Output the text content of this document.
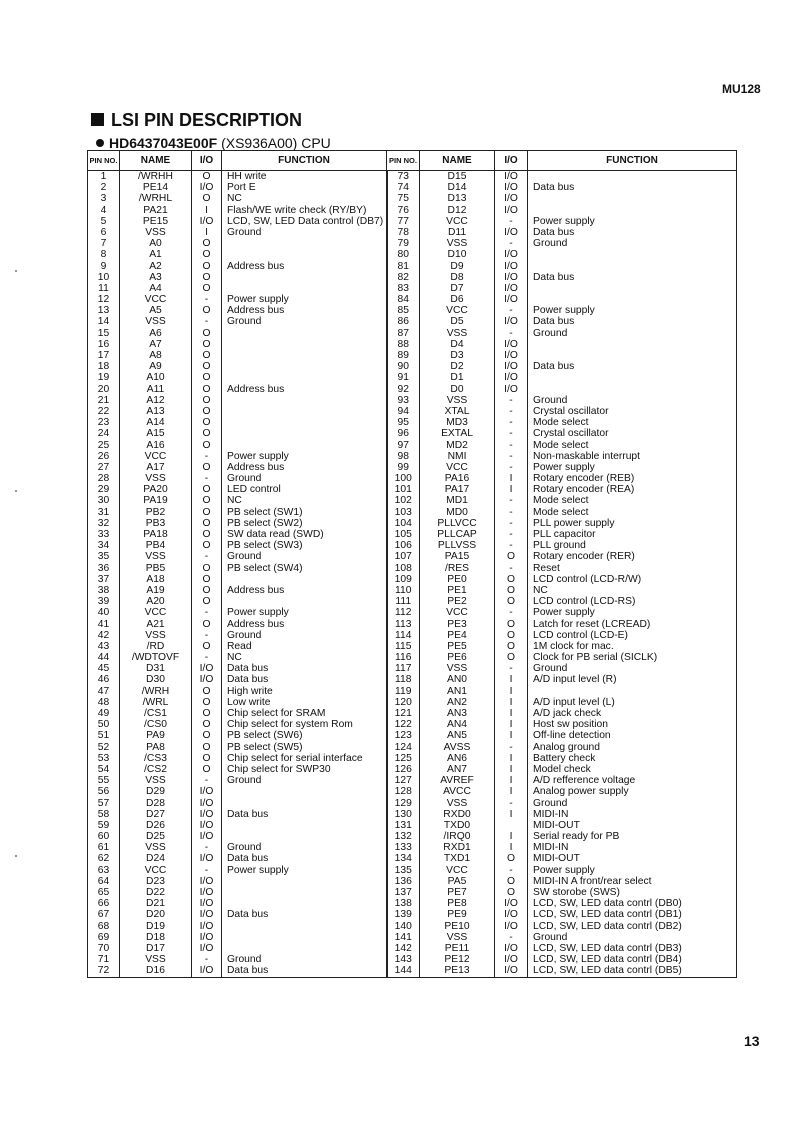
MU128
LSI PIN DESCRIPTION
HD6437043E00F (XS936A00) CPU
PIN NO.	NAME	I/O	FUNCTION	PIN NO.	NAME	I/O	FUNCTION
1	/WRHH	O	HH write	73	D15	I/O	
2	PE14	I/O	Port E	74	D14	I/O	Data bus
3	/WRHL	O	NC	75	D13	I/O	
4	PA21	I	Flash/WE write check (RY/BY)	76	D12	I/O	
5	PE15	I/O	LCD, SW, LED Data control (DB7)	77	VCC	-	Power supply
6	VSS	I	Ground	78	D11	I/O	Data bus
7	A0	O		79	VSS	-	Ground
8	A1	O		80	D10	I/O	
9	A2	O	Address bus	81	D9	I/O	
10	A3	O		82	D8	I/O	Data bus
11	A4	O		83	D7	I/O	
12	VCC	-	Power supply	84	D6	I/O	
13	A5	O	Address bus	85	VCC	-	Power supply
14	VSS	-	Ground	86	D5	I/O	Data bus
15	A6	O		87	VSS	-	Ground
16	A7	O		88	D4	I/O	
17	A8	O		89	D3	I/O	
18	A9	O		90	D2	I/O	Data bus
19	A10	O		91	D1	I/O	
20	A11	O	Address bus	92	D0	I/O	
21	A12	O		93	VSS	-	Ground
22	A13	O		94	XTAL	-	Crystal oscillator
23	A14	O		95	MD3	-	Mode select
24	A15	O		96	EXTAL	-	Crystal oscillator
25	A16	O		97	MD2	-	Mode select
26	VCC	-	Power supply	98	NMI	-	Non-maskable interrupt
27	A17	O	Address bus	99	VCC	-	Power supply
28	VSS	-	Ground	100	PA16	I	Rotary encoder (REB)
29	PA20	O	LED control	101	PA17	I	Rotary encoder (REA)
30	PA19	O	NC	102	MD1	-	Mode select
31	PB2	O	PB select (SW1)	103	MD0	-	Mode select
32	PB3	O	PB select (SW2)	104	PLLVCC	-	PLL power supply
33	PA18	O	SW data read (SWD)	105	PLLCAP	-	PLL capacitor
34	PB4	O	PB select (SW3)	106	PLLVSS	-	PLL ground
35	VSS	-	Ground	107	PA15	O	Rotary encoder (RER)
36	PB5	O	PB select (SW4)	108	/RES	-	Reset
37	A18	O		109	PE0	O	LCD control (LCD-R/W)
38	A19	O	Address bus	110	PE1	O	NC
39	A20	O		111	PE2	O	LCD control (LCD-RS)
40	VCC	-	Power supply	112	VCC	-	Power supply
41	A21	O	Address bus	113	PE3	O	Latch for reset (LCREAD)
42	VSS	-	Ground	114	PE4	O	LCD control (LCD-E)
43	/RD	O	Read	115	PE5	O	1M clock for mac.
44	/WDTOVF	-	NC	116	PE6	O	Clock for PB serial (SICLK)
45	D31	I/O	Data bus	117	VSS	-	Ground
46	D30	I/O	Data bus	118	AN0	I	A/D input level (R)
47	/WRH	O	High write	119	AN1	I	
48	/WRL	O	Low write	120	AN2	I	A/D input level (L)
49	/CS1	O	Chip select for SRAM	121	AN3	I	A/D jack check
50	/CS0	O	Chip select for system Rom	122	AN4	I	Host sw position
51	PA9	O	PB select (SW6)	123	AN5	I	Off-line detection
52	PA8	O	PB select (SW5)	124	AVSS	-	Analog ground
53	/CS3	O	Chip select for serial interface	125	AN6	I	Battery check
54	/CS2	O	Chip select for SWP30	126	AN7	I	Model check
55	VSS	-	Ground	127	AVREF	I	A/D refference voltage
56	D29	I/O		128	AVCC	I	Analog power supply
57	D28	I/O		129	VSS	-	Ground
58	D27	I/O	Data bus	130	RXD0	I	MIDI-IN
59	D26	I/O		131	TXD0		MIDI-OUT
60	D25	I/O		132	/IRQ0	I	Serial ready for PB
61	VSS	-	Ground	133	RXD1	I	MIDI-IN
62	D24	I/O	Data bus	134	TXD1	O	MIDI-OUT
63	VCC	-	Power supply	135	VCC	-	Power supply
64	D23	I/O		136	PA5	O	MIDI-IN A front/rear select
65	D22	I/O		137	PE7	O	SW storobe (SWS)
66	D21	I/O		138	PE8	I/O	LCD, SW, LED data contrl (DB0)
67	D20	I/O	Data bus	139	PE9	I/O	LCD, SW, LED data contrl (DB1)
68	D19	I/O		140	PE10	I/O	LCD, SW, LED data contrl (DB2)
69	D18	I/O		141	VSS	-	Ground
70	D17	I/O		142	PE11	I/O	LCD, SW, LED data contrl (DB3)
71	VSS	-	Ground	143	PE12	I/O	LCD, SW, LED data contrl (DB4)
72	D16	I/O	Data bus	144	PE13	I/O	LCD, SW, LED data contrl (DB5)
13
